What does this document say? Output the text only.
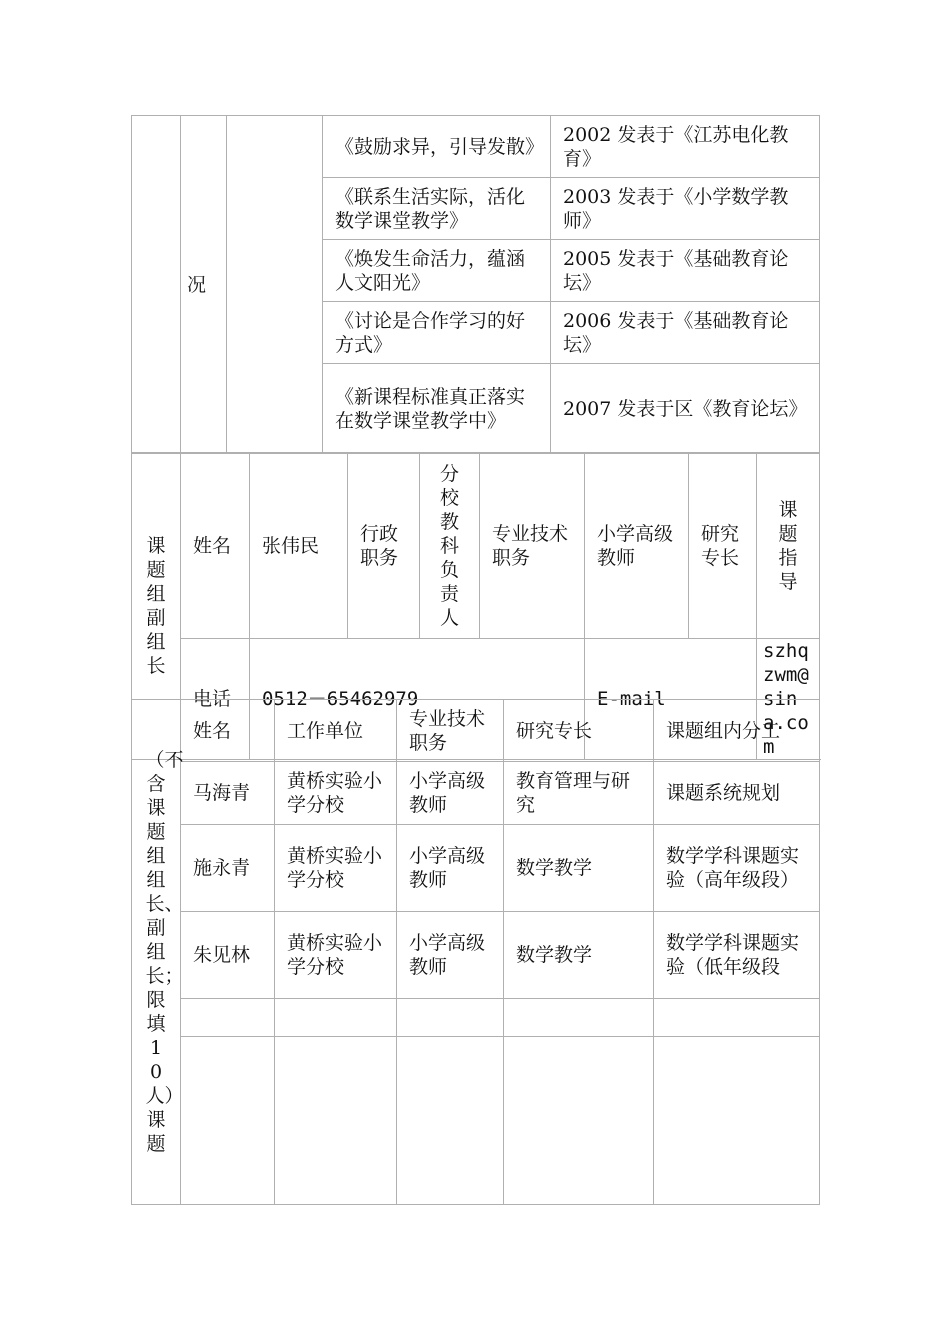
	况		《鼓励求异，引导发散》	2002 发表于《江苏电化教育》
			《联系生活实际，活化数学课堂教学》	2003 发表于《小学数学教师》
			《焕发生命活力，蕴涵人文阳光》	2005 发表于《基础教育论坛》
			《讨论是合作学习的好方式》	2006 发表于《基础教育论坛》
			《新课程标准真正落实在数学课堂教学中》	2007 发表于区《教育论坛》
课题组副组长	姓名	张伟民	行政职务	分校教科负责人	专业技术职务	小学高级教师	研究专长	课题指导
	电话	0512－65462979				E-mail		szhqzwm@sina.com
（不含课题组组长、副组长；限填10人）课题	姓名	工作单位	专业技术职务	研究专长	课题组内分工
	马海青	黄桥实验小学分校	小学高级教师	教育管理与研究	课题系统规划
	施永青	黄桥实验小学分校	小学高级教师	数学教学	数学学科课题实验（高年级段）
	朱见林	黄桥实验小学分校	小学高级教师	数学教学	数学学科课题实验（低年级段
